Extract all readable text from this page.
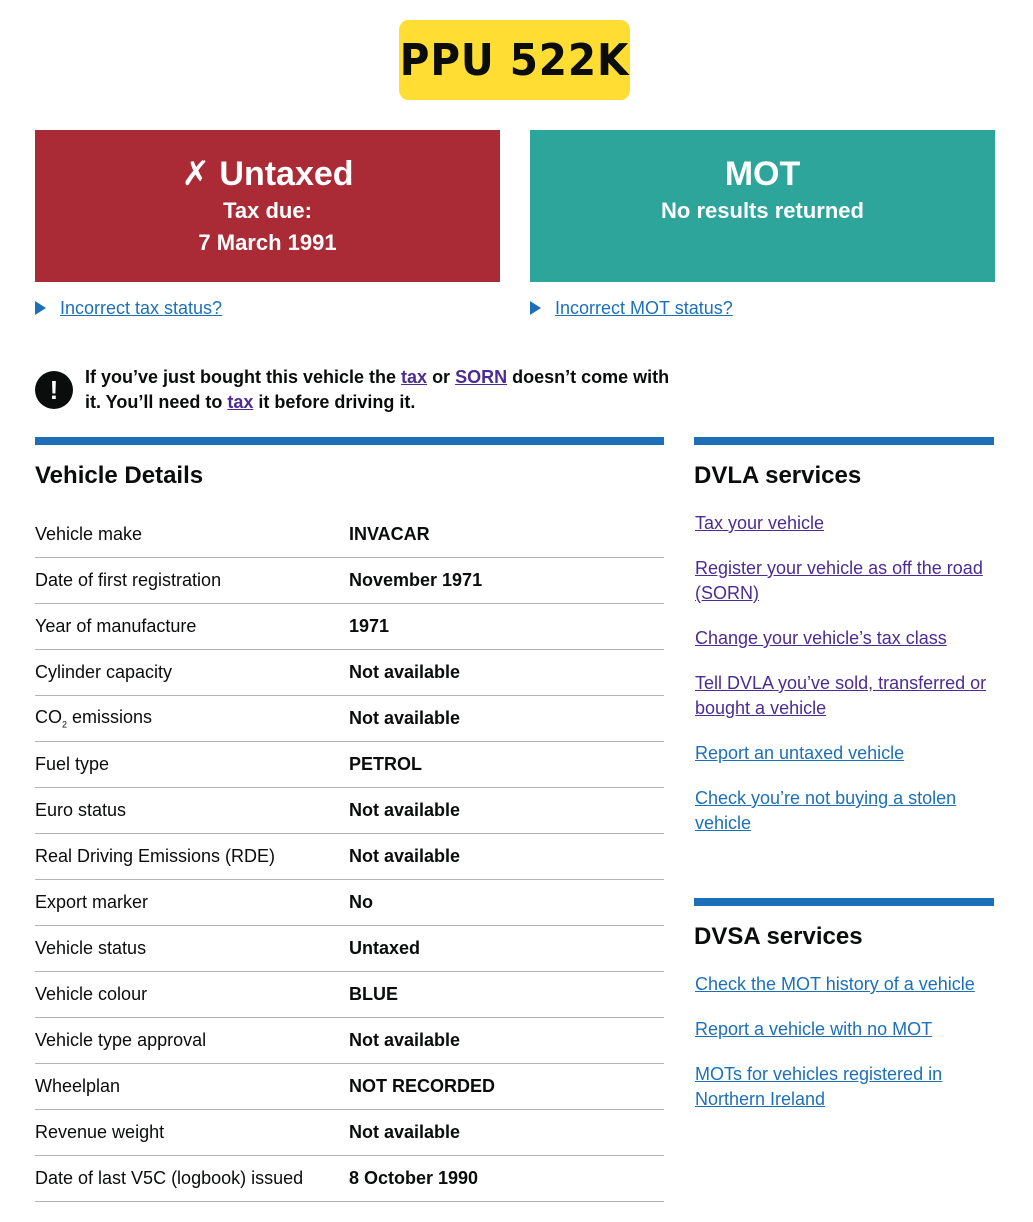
PPU 522K
✗ Untaxed
Tax due:
7 March 1991
MOT
No results returned
Incorrect tax status?	Incorrect MOT status?
!	If you’ve just bought this vehicle the tax or SORN doesn’t come with it. You’ll need to tax it before driving it.
Vehicle Details
Vehicle make	INVACAR
Date of first registration	November 1971
Year of manufacture	1971
Cylinder capacity	Not available
$CO_2$ emissions	Not available
Fuel type	PETROL
Euro status	Not available
Real Driving Emissions (RDE)	Not available
Export marker	No
Vehicle status	Untaxed
Vehicle colour	BLUE
Vehicle type approval	Not available
Wheelplan	NOT RECORDED
Revenue weight	Not available
Date of last V5C (logbook) issued	8 October 1990
DVLA services
Tax your vehicle
Register your vehicle as off the road (SORN)
Change your vehicle’s tax class
Tell DVLA you’ve sold, transferred or bought a vehicle
Report an untaxed vehicle
Check you’re not buying a stolen vehicle
DVSA services
Check the MOT history of a vehicle
Report a vehicle with no MOT
MOTs for vehicles registered in Northern Ireland
